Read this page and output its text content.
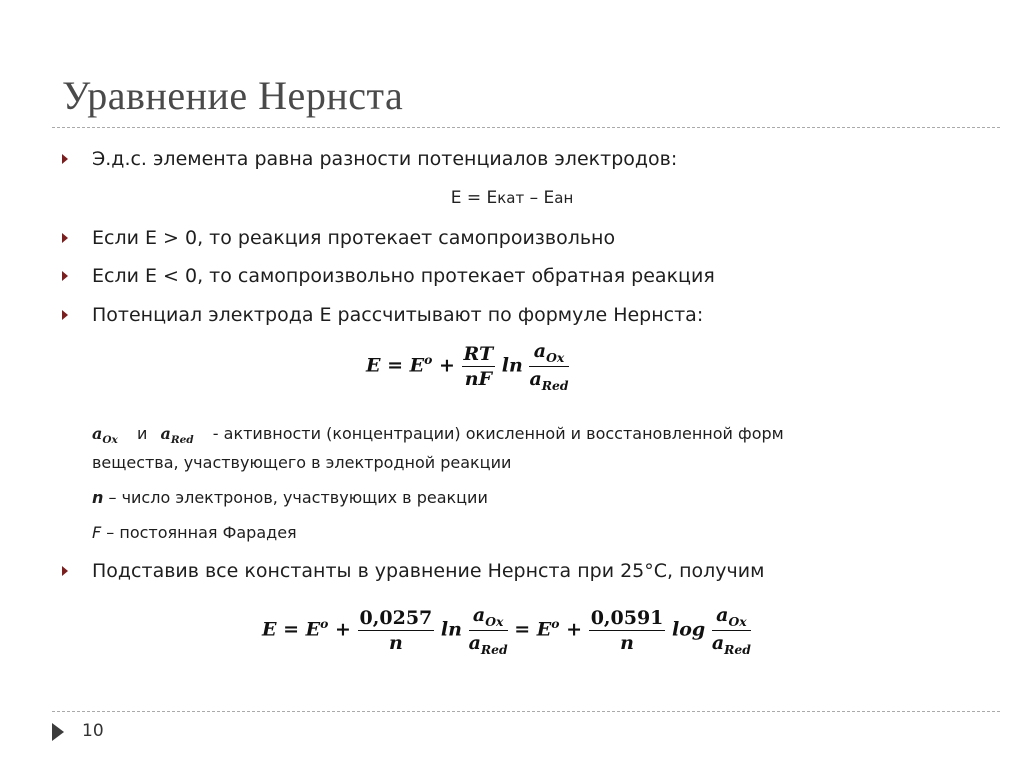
Уравнение Нернста
Э.д.с. элемента равна разности потенциалов электродов:
E = Eкат – Eан
Если E > 0, то реакция протекает самопроизвольно
Если E < 0, то самопроизвольно протекает обратная реакция
Потенциал электрода E рассчитывают по формуле Нернста:
$E = E^o + \frac{RT}{nF}$ $\ln \frac{a_{Ox}}{a_{Red}}$
$a_{Ox}$ и $a_{Red}$ - активности (концентрации) окисленной и восстановленной форм
вещества, участвующего в электродной реакции
n – число электронов, участвующих в реакции
F – постоянная Фарадея
Подставив все константы в уравнение Нернста при 25°С, получим
$E = E^o + \frac{0,0257}{n}$ $\ln \frac{a_{Ox}}{a_{Red}} = E^o + \frac{0,0591}{n}$ $\log \frac{a_{Ox}}{a_{Red}}$
10
